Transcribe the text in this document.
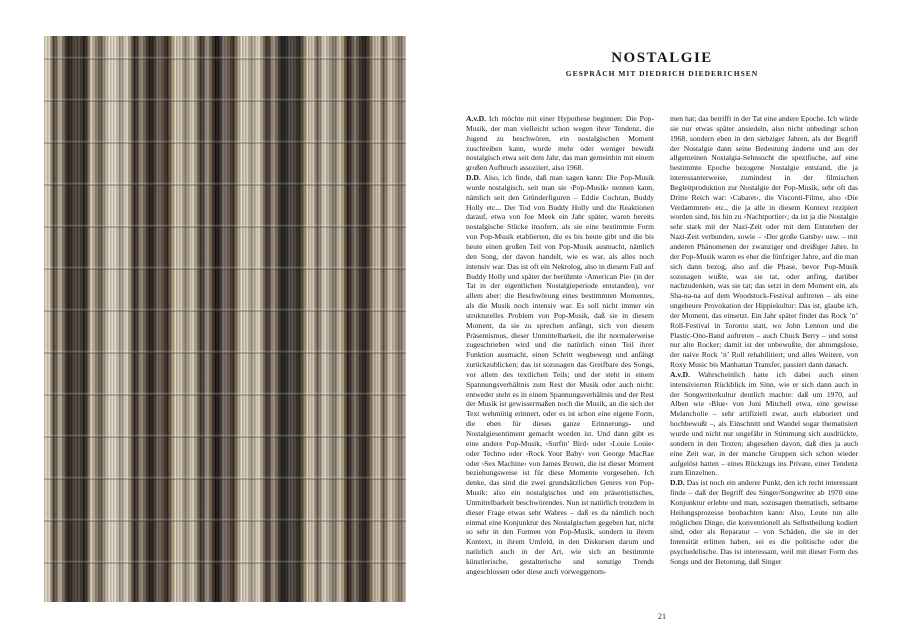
NOSTALGIE
GESPRÄCH MIT DIEDRICH DIEDERICHSEN

A.v.D. Ich möchte mit einer Hypothese beginnen: Die Pop-Musik, der man vielleicht schon wegen ihrer Tendenz, die Jugend zu beschwören, ein nostalgischen Moment zuschreiben kann, wurde mehr oder weniger bewußt nostalgisch etwa seit dem Jahr, das man gemeinhin mit einem großen Aufbruch assoziiert, also 1968.

D.D. Also, ich finde, daß man sagen kann: Die Pop-Musik wurde nostalgisch, seit man sie ›Pop-Musik‹ nennen kann, nämlich seit den Gründerfiguren – Eddie Cochran, Buddy Holly etc... Der Tod von Buddy Holly und die Reaktionen darauf, etwa von Joe Meek ein Jahr später, waren bereits nostalgische Stücke insofern, als sie eine bestimmte Form von Pop-Musik etablierten, die es bis heute gibt und die bis heute einen großen Teil von Pop-Musik ausmacht, nämlich den Song, der davon handelt, wie es war, als alles noch intensiv war. Das ist oft ein Nekrolog, also in diesem Fall auf Buddy Holly und später der berühmte ›American Pie‹ (in der Tat in der eigentlichen Nostalgieperiode entstanden), vor allem aber: die Beschwörung eines bestimmten Momentes, als die Musik noch intensiv war. Es soll nicht immer ein strukturelles Problem von Pop-Musik, daß sie in diesem Moment, da sie zu sprechen anfängt, sich von diesem Präsentismus, dieser Unmittelbarkeit, die ihr normalerweise zugeschrieben wird und die natürlich einen Teil ihrer Funktion ausmacht, einen Schritt wegbewegt und anfängt zurückzublicken; das ist sozusagen das Greifbare des Songs, vor allem des textlichen Teils; und der steht in einem Spannungsverhältnis zum Rest der Musik oder auch nicht: entweder steht es in einem Spannungsverhältnis und der Rest der Musik ist gewissermaßen noch die Musik, an die sich der Text wehmütig erinnert, oder es ist schon eine eigene Form, die eben für dieses ganze Erinnerungs- und Nostalgiesentiment gemacht worden ist. Und dann gibt es eine andere Pop-Musik, ›Surfin’ Bird‹ oder ›Louie Louie‹ oder Techno oder ›Rock Your Baby‹ von George MacRae oder ›Sex Machine‹ von James Brown, die ist dieser Moment beziehungsweise ist für diese Momente vorgesehen. Ich denke, das sind die zwei grundsätzlichen Genres von Pop-Musik: also ein nostalgisches und ein präsentistisches, Unmittelbarkeit beschwörendes. Nun ist natürlich trotzdem in dieser Frage etwas sehr Wahres – daß es da nämlich noch einmal eine Konjunktur des Nostalgischen gegeben hat, nicht so sehr in den Formen von Pop-Musik, sondern in ihrem Kontext, in ihrem Umfeld, in den Diskursen darum und natürlich auch in der Art, wie sich an bestimmte künstlerische, gestalterische und sonstige Trends angeschlossen oder diese auch vorweggenom-

men hat; das betrifft in der Tat eine andere Epoche. Ich würde sie nur etwas später ansiedeln, also nicht unbedingt schon 1968, sondern eben in den siebziger Jahren, als der Begriff der Nostalgie dann seine Bedeutung änderte und aus der allgemeinen Nostalgia-Sehnsucht die spezifische, auf eine bestimmte Epoche bezogene Nostalgie entstand, die ja interessanterweise, zumindest in der filmischen Begleitproduktion zur Nostalgie der Pop-Musik, sehr oft das Dritte Reich war: ›Cabaret‹, die Visconti-Filme, also ›Die Verdammten‹ etc., die ja alle in diesem Kontext rezipiert worden sind, bis hin zu ›Nachtportier‹; da ist ja die Nostalgie sehr stark mit der Nazi-Zeit oder mit dem Entstehen der Nazi-Zeit verbunden, sowie – ›Der große Gatsby‹ usw. – mit anderen Phänomenen der zwanziger und dreißiger Jahre. In der Pop-Musik waren es eher die fünfziger Jahre, auf die man sich dann bezog, also auf die Phase, bevor Pop-Musik sozusagen wußte, was sie tat, oder anfing, darüber nachzudenken, was sie tat; das setzt in dem Moment ein, als Sha-na-na auf dem Woodstock-Festival auftreten – als eine ungeheure Provokation der Hippiekultur: Das ist, glaube ich, der Moment, das einsetzt. Ein Jahr später findet das Rock ’n’ Roll-Festival in Toronto statt, wo John Lennon und die Plastic-Ono-Band auftreten – auch Chuck Berry – und sonst nur alte Rocker; damit ist der unbewußte, der ahnungslose, der naive Rock ’n’ Roll rehabilitiert; und alles Weitere, von Roxy Music bis Manhattan Transfer, passiert dann danach.

A.v.D. Wahrscheinlich hatte ich dabei auch einen intensivierten Rückblick im Sinn, wie er sich dann auch in der Songwriterkultur deutlich machte: daß um 1970, auf Alben wie ›Blue‹ von Joni Mitchell etwa, eine gewisse Melancholie – sehr artifiziell zwar, auch elaboriert und hochbewußt –, als Einschnitt und Wandel sogar thematisiert wurde und nicht nur ungefähr in Stimmung sich ausdrückte, sondern in den Texten; abgesehen davon, daß dies ja auch eine Zeit war, in der manche Gruppen sich schon wieder aufgelöst hatten – eines Rückzugs ins Private, einer Tendenz zum Einzelnen.

D.D. Das ist noch ein anderer Punkt, den ich recht interessant finde – daß der Begriff des Singer/Songwriter ab 1970 eine Konjunktur erlebte und man, sozusagen thematisch, seltsame Heilungsprozesse beobachten kann: Also, Leute tun alle möglichen Dinge, die konventionell als Selbstheilung kodiert sind, oder als Reparatur – von Schäden, die sie in der Intensität erlitten haben, sei es die politische oder die psychedelische. Das ist interessant, weil mit dieser Form des Songs und der Betonung, daß Singer

21
